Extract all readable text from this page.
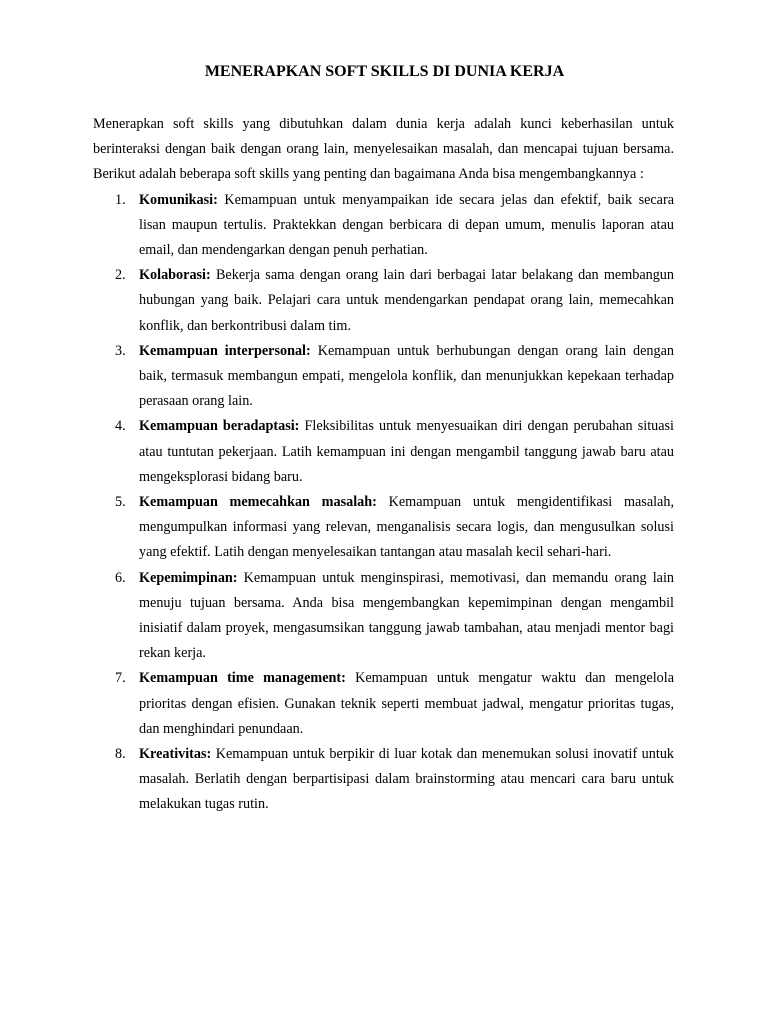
MENERAPKAN SOFT SKILLS DI DUNIA KERJA

Menerapkan soft skills yang dibutuhkan dalam dunia kerja adalah kunci keberhasilan untuk berinteraksi dengan baik dengan orang lain, menyelesaikan masalah, dan mencapai tujuan bersama. Berikut adalah beberapa soft skills yang penting dan bagaimana Anda bisa mengembangkannya :

1. Komunikasi: Kemampuan untuk menyampaikan ide secara jelas dan efektif, baik secara lisan maupun tertulis. Praktekkan dengan berbicara di depan umum, menulis laporan atau email, dan mendengarkan dengan penuh perhatian.
2. Kolaborasi: Bekerja sama dengan orang lain dari berbagai latar belakang dan membangun hubungan yang baik. Pelajari cara untuk mendengarkan pendapat orang lain, memecahkan konflik, dan berkontribusi dalam tim.
3. Kemampuan interpersonal: Kemampuan untuk berhubungan dengan orang lain dengan baik, termasuk membangun empati, mengelola konflik, dan menunjukkan kepekaan terhadap perasaan orang lain.
4. Kemampuan beradaptasi: Fleksibilitas untuk menyesuaikan diri dengan perubahan situasi atau tuntutan pekerjaan. Latih kemampuan ini dengan mengambil tanggung jawab baru atau mengeksplorasi bidang baru.
5. Kemampuan memecahkan masalah: Kemampuan untuk mengidentifikasi masalah, mengumpulkan informasi yang relevan, menganalisis secara logis, dan mengusulkan solusi yang efektif. Latih dengan menyelesaikan tantangan atau masalah kecil sehari-hari.
6. Kepemimpinan: Kemampuan untuk menginspirasi, memotivasi, dan memandu orang lain menuju tujuan bersama. Anda bisa mengembangkan kepemimpinan dengan mengambil inisiatif dalam proyek, mengasumsikan tanggung jawab tambahan, atau menjadi mentor bagi rekan kerja.
7. Kemampuan time management: Kemampuan untuk mengatur waktu dan mengelola prioritas dengan efisien. Gunakan teknik seperti membuat jadwal, mengatur prioritas tugas, dan menghindari penundaan.
8. Kreativitas: Kemampuan untuk berpikir di luar kotak dan menemukan solusi inovatif untuk masalah. Berlatih dengan berpartisipasi dalam brainstorming atau mencari cara baru untuk melakukan tugas rutin.
